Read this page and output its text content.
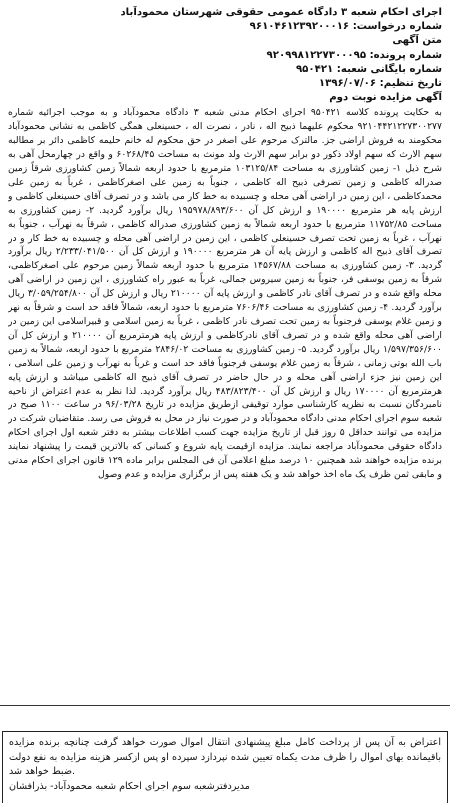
اجرای احکام شعبه ۳ دادگاه عمومی حقوقی شهرستان محمودآباد
شماره درخواست: ۹۶۱۰۴۶۱۲۳۹۲۰۰۰۱۶
متن آگهی
شماره پرونده: ۹۲۰۹۹۸۱۲۲۷۳۰۰۰۹۵
شماره بایگانی شعبه: ۹۵۰۴۲۱
تاریخ تنظیم: ۱۳۹۶/۰۷/۰۶
آگهی مزایده نوبت دوم
به حکایت پرونده کلاسه ۹۵۰۴۲۱ اجرای احکام مدنی شعبه ۳ دادگاه محمودآباد و به موجب اجرائیه شماره ۹۲۱۰۴۴۲۱۲۲۷۳۰۰۲۷۷ محکوم علیهما ذبیح اله ، نادر ، نصرت اله ، حسینعلی همگی کاظمی به نشانی محمودآباد محکومند به فروش اراضی جز. مالترک مرحوم علی اصغر در حق محکوم له خانم حلیمه کاظمی دائر بر مطالبه سهم الارث که سهم اولاد ذکور دو برابر سهم الارث ولد مونث به مساحت ۶۰۲۶۸/۴۵ و واقع در چهارمحل آهی به شرح ذیل ۱- زمین کشاورزی به مساحت ۱۰۳۱۲۵/۸۴ مترمربع با حدود اربعه شمالاً زمین کشاورزی شرقاً زمین صدراله کاظمی و زمین تصرفی ذبیح اله کاظمی ، جنوباً به زمین علی اصغرکاظمی ، غرباً به زمین علی محمدکاظمی ، این زمین در اراضی آهی محله و چسبیده به خط کار می باشد و در تصرف آقای حسینعلی کاظمی و ارزش پایه هر مترمربع ۱۹۰۰۰۰ و ارزش کل آن ۱۹۵۹۷۸/۸۹۳/۶۰۰ ریال برآورد گردید. ۲- زمین کشاورزی به مساحت ۱۱۷۵۲/۸۵ مترمربع با حدود اربعه شمالاً به زمین کشاورزی صدراله کاظمی ، شرقاً به نهرآب ، جنوباً به نهرآب ، غرباً به زمین تحت تصرف حسینعلی کاظمی ، این زمین در اراضی آهی محله و چسبیده به خط کار و در تصرف آقای ذبیح اله کاظمی و ارزش پایه آن هر مترمربع ۱۹۰۰۰۰ و ارزش کل آن ۲/۲۳۳/۰۴۱/۵۰۰ ریال برآورد گردید. ۳- زمین کشاورزی به مساحت ۱۴۵۶۷/۸۸ مترمربع با حدود اربعه شمالاً زمین مرحوم علی اصغرکاظمی، شرقاً به زمین یوسفی فر، جنوباً به زمین سیروس جمالی، غرباً به عبور راه کشاورزی ، این زمین در اراضی آهی محله واقع شده و در تصرف آقای نادر کاظمی و ارزش پایه آن ۲۱۰۰۰۰ ریال و ارزش کل آن ۳/۰۵۹/۲۵۴/۸۰۰ ریال برآورد گردید. ۴- زمین کشاورزی به مساحت ۷۶۰۶/۴۶ مترمربع با حدود اربعه، شمالاً فاقد حد است و شرقاً به نهر و زمین غلام یوسفی فرجنوباً به زمین تحت تصرف نادر کاظمی ، غرباً به زمین اسلامی و قبیراسلامی این زمین در اراضی آهی محله واقع شده و در تصرف آقای نادرکاظمی و ارزش پایه هرمترمربع آن ۲۱۰۰۰۰ و ارزش کل آن ۱/۵۹۷/۳۵۶/۶۰۰ ریال برآورد گردید. ۵- زمین کشاورزی به مساحت ۲۸۴۶/۰۲ مترمربع با حدود اربعه، شمالاً به زمین باب الله بوتی زمانی ، شرقاً به زمین غلام یوسفی فرجنوباً فاقد حد است و غرباً به نهرآب و زمین علی اسلامی ، این زمین نیز جزء اراضی آهی محله و در حال حاضر در تصرف آقای ذبیح اله کاظمی میباشد و ارزش پایه هرمترمربع آن ۱۷۰۰۰۰ ریال و ارزش کل آن ۴۸۳/۸۲۳/۴۰۰ ریال برآورد گردید. لذا نظر به عدم اعتراض از ناحیه نامبردگان نسبت به نظریه کارشناسی موارد توقیفی ازطریق مزایده در تاریخ ۹۶/۰۳/۲۸ در ساعت ۱۱۰۰ صبح در شعبه سوم اجرای احکام مدنی دادگاه محمودآباد و در صورت نیاز در محل به فروش می رسد. متقاضیان شرکت در مزایده می توانند حداقل ۵ روز قبل از تاریخ مزایده جهت کسب اطلاعات بیشتر به دفتر شعبه اول اجرای احکام دادگاه حقوقی محمودآباد مراجعه نمایند. مزایده ازقیمت پایه شروع و کسانی که بالاترین قیمت را پیشنهاد نمایند برنده مزایده خواهند شد همچنین ۱۰ درصد مبلغ اعلامی آن فی المجلس برابر ماده ۱۲۹ قانون اجرای احکام مدنی و مابقی ثمن ظرف یک ماه اخذ خواهد شد و یک هفته پس از برگزاری مزایده و عدم وصول
اعتراض به آن پس از پرداخت کامل مبلغ پیشنهادی انتقال اموال صورت خواهد گرفت چنانچه برنده مزایده باقیمانده بهای اموال را ظرف مدت یکماه تعیین شده نپردازد سپرده او پس ازکسر هزینه مزایده به نفع دولت ضبط خواهد شد.
مدیردفترشعبه سوم اجرای احکام شعبه محمودآباد- بذرافشان
